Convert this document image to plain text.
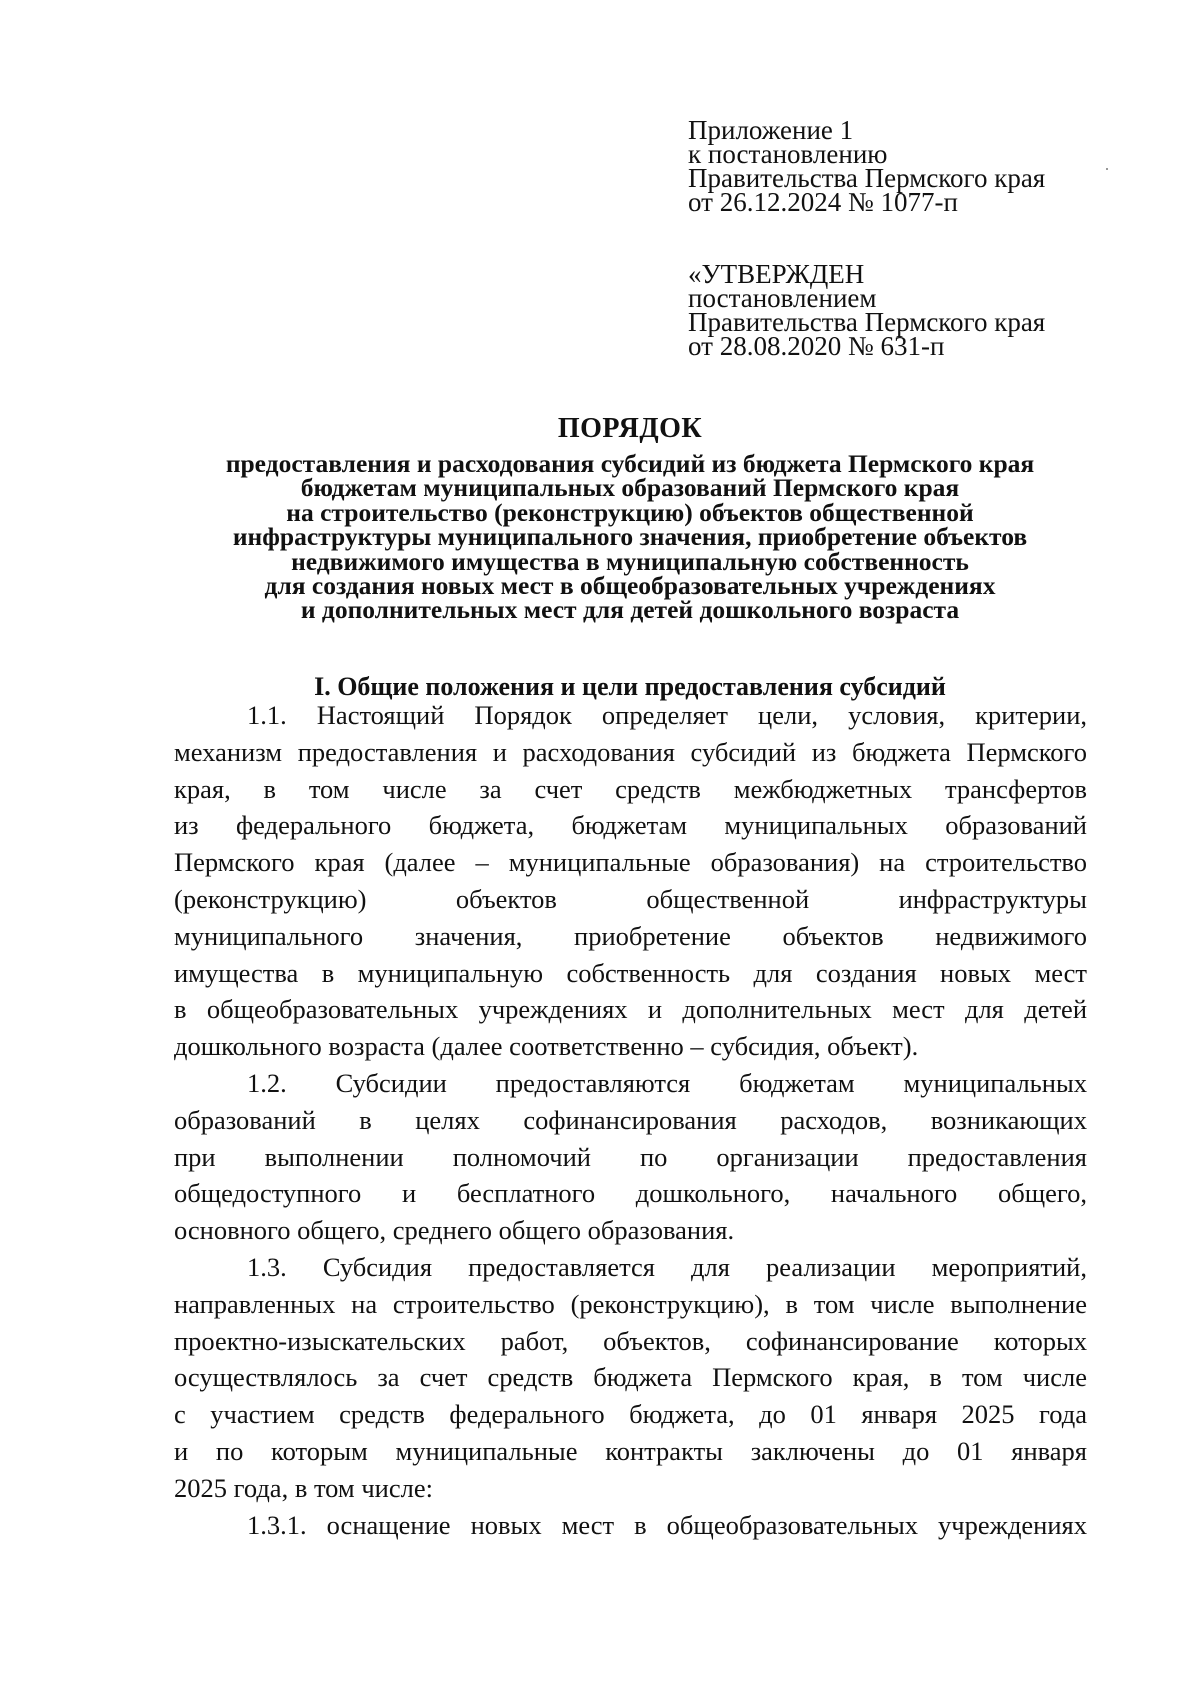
Приложение 1
к постановлению
Правительства Пермского края
от 26.12.2024 № 1077-п
«УТВЕРЖДЕН
постановлением
Правительства Пермского края
от 28.08.2020 № 631-п
ПОРЯДОК
предоставления и расходования субсидий из бюджета Пермского края
бюджетам муниципальных образований Пермского края
на строительство (реконструкцию) объектов общественной
инфраструктуры муниципального значения, приобретение объектов
недвижимого имущества в муниципальную собственность
для создания новых мест в общеобразовательных учреждениях
и дополнительных мест для детей дошкольного возраста
I. Общие положения и цели предоставления субсидий
1.1. Настоящий Порядок определяет цели, условия, критерии,
механизм предоставления и расходования субсидий из бюджета Пермского
края, в том числе за счет средств межбюджетных трансфертов
из федерального бюджета, бюджетам муниципальных образований
Пермского края (далее – муниципальные образования) на строительство
(реконструкцию) объектов общественной инфраструктуры
муниципального значения, приобретение объектов недвижимого
имущества в муниципальную собственность для создания новых мест
в общеобразовательных учреждениях и дополнительных мест для детей
дошкольного возраста (далее соответственно – субсидия, объект).
1.2. Субсидии предоставляются бюджетам муниципальных
образований в целях софинансирования расходов, возникающих
при выполнении полномочий по организации предоставления
общедоступного и бесплатного дошкольного, начального общего,
основного общего, среднего общего образования.
1.3. Субсидия предоставляется для реализации мероприятий,
направленных на строительство (реконструкцию), в том числе выполнение
проектно-изыскательских работ, объектов, софинансирование которых
осуществлялось за счет средств бюджета Пермского края, в том числе
с участием средств федерального бюджета, до 01 января 2025 года
и по которым муниципальные контракты заключены до 01 января
2025 года, в том числе:
1.3.1. оснащение новых мест в общеобразовательных учреждениях
